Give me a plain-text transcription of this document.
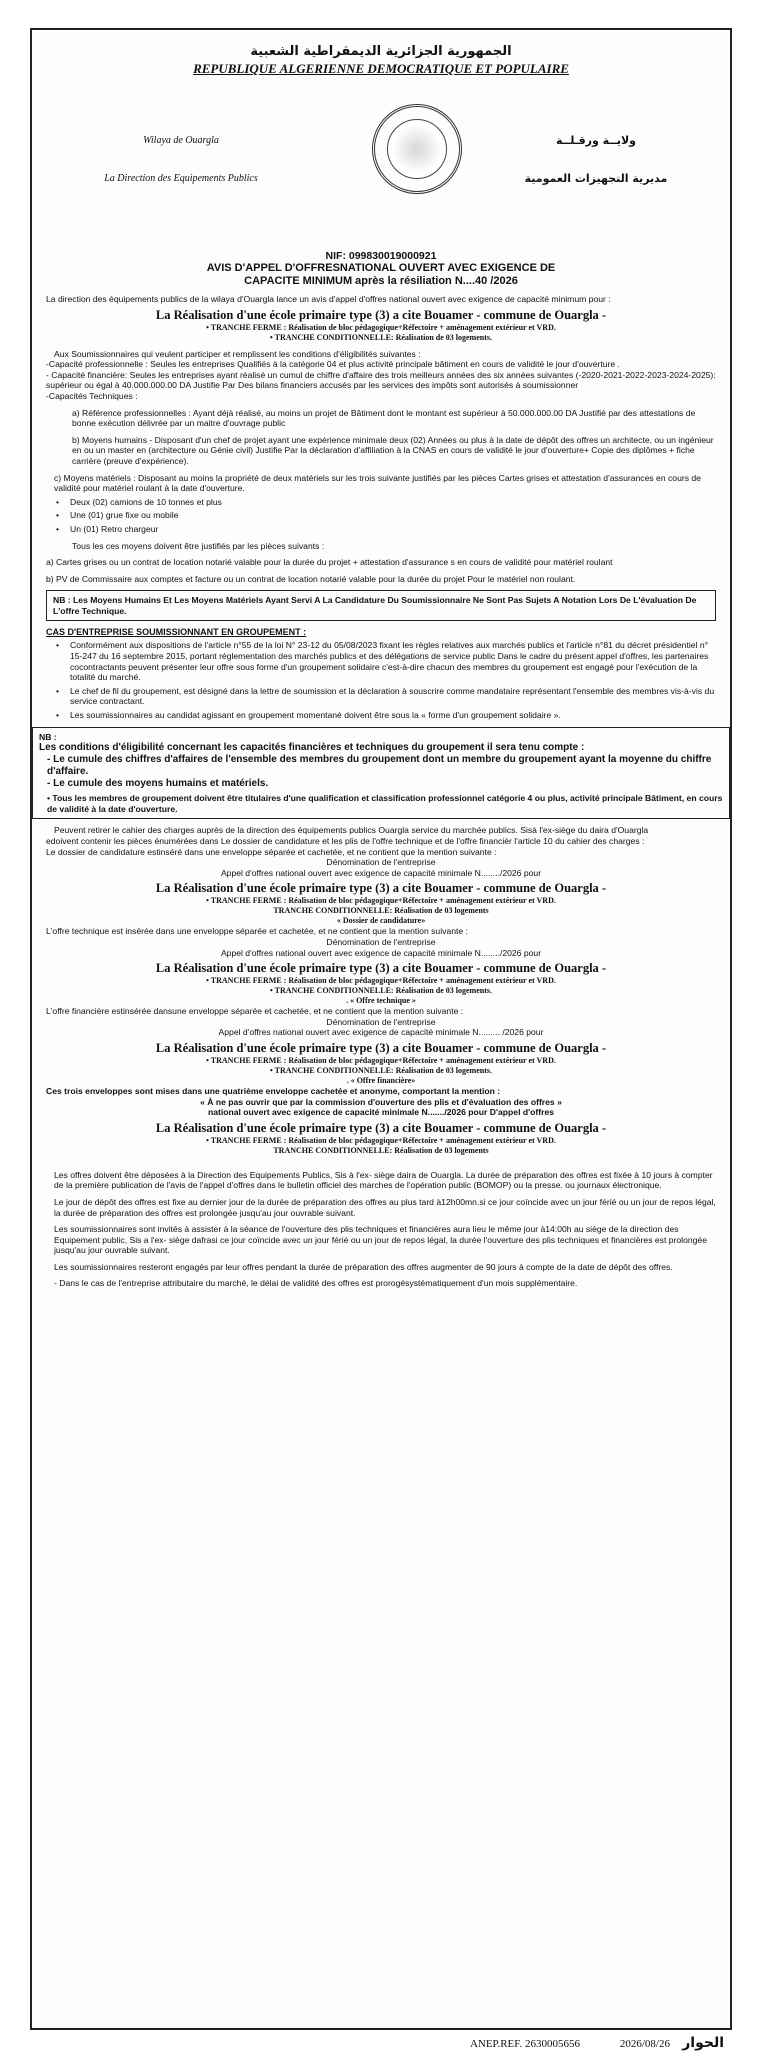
الجمهورية الجزائرية الديمقراطية الشعبية
REPUBLIQUE ALGERIENNE DEMOCRATIQUE ET POPULAIRE
Wilaya de Ouargla
La Direction des Equipements Publics
ولايــة ورقـلــة
مديرية التجهيزات العمومية
NIF: 099830019000921
AVIS D'APPEL D'OFFRESNATIONAL OUVERT AVEC EXIGENCE DE
CAPACITE MINIMUM après la résiliation N....40 /2026

La direction des équipements publics de la wilaya d'Ouargla lance un avis d'appel d'offres national ouvert avec exigence de capacité minimum pour :

La Réalisation d'une école primaire type (3) a cite Bouamer - commune de Ouargla -
• TRANCHE FERME : Réalisation de bloc pédagogique+Réfectoire + aménagement extérieur et VRD.
• TRANCHE CONDITIONNELLE: Réalisation de 03 logements.

Aux Soumissionnaires qui veulent participer et remplissent les conditions d'éligibilités suivantes :

-Capacité professionnelle : Seules les entreprises Qualifiés à la catégorie 04 et plus activité principale bâtiment en cours de validité le jour d'ouverture .

- Capacité financière: Seules les entreprises ayant réalisé un cumul de chiffre d'affaire des trois meilleurs années des six années suivantes (-2020-2021-2022-2023-2024-2025): supérieur ou égal à 40.000.000.00 DA Justifie Par Des bilans financiers accusés par les services des impôts sont autorisés à soumissionner

-Capacités Techniques :

a) Référence professionnelles : Ayant déjà réalisé, au moins un projet de Bâtiment dont le montant est supérieur à 50.000.000.00 DA Justifié par des attestations de bonne exécution délivrée par un maitre d'ouvrage public

b) Moyens humains - Disposant d'un chef de projet ayant une expérience minimale deux (02) Années ou plus à la date de dépôt des offres un architecte, ou un ingénieur en ou un master en (architecture ou Génie civil) Justifie Par la déclaration d'affiliation à la CNAS en cours de validité le jour d'ouverture+ Copie des diplômes + fiche carrière (preuve d'expérience).

c) Moyens matériels : Disposant au moins la propriété de deux matériels sur les trois suivante justifiés par les pièces Cartes grises et attestation d'assurances en cours de validité pour matériel roulant à la date d'ouverture.

• Deux (02) camions de 10 tonnes et plus
• Une (01) grue fixe ou mobile
• Un (01) Retro chargeur

Tous les ces moyens doivent être justifiés par les pièces suivants :

a) Cartes grises ou un contrat de location notarié valable pour la durée du projet + attestation d'assurance s en cours de validité pour matériel roulant

b) PV de Commissaire aux comptes et facture ou un contrat de location notarié valable pour la durée du projet Pour le matériel non roulant.

NB : Les Moyens Humains Et Les Moyens Matériels Ayant Servi A La Candidature Du Soumissionnaire Ne Sont Pas Sujets A Notation Lors De L'évaluation De L'offre Technique.

CAS D'ENTREPRISE SOUMISSIONNANT EN GROUPEMENT :
• Conformément aux dispositions de l'article n°55 de la loi N° 23-12 du 05/08/2023 fixant les règles relatives aux marchés publics et l'article n°81 du décret présidentiel n° 15-247 du 16 septembre 2015, portant réglementation des marchés publics et des délégations de service public Dans le cadre du présent appel d'offres, les partenaires cocontractants peuvent présenter leur offre sous forme d'un groupement solidaire c'est-à-dire chacun des membres du groupement est engagé pour l'exécution de la totalité du marché.
• Le chef de fil du groupement, est désigné dans la lettre de soumission et la déclaration à souscrire comme mandataire représentant l'ensemble des membres vis-à-vis du service contractant.
• Les soumissionnaires au candidat agissant en groupement momentané doivent être sous la « forme d'un groupement solidaire ».

NB :

Les conditions d'éligibilité concernant les capacités financières et techniques du groupement il sera tenu compte :
- Le cumule des chiffres d'affaires de l'ensemble des membres du groupement dont un membre du groupement ayant la moyenne du chiffre d'affaire.
- Le cumule des moyens humains et matériels.

• Tous les membres de groupement doivent être titulaires d'une qualification et classification professionnel catégorie 4 ou plus, activité principale Bâtiment, en cours de validité à la date d'ouverture.

Peuvent retirer le cahier des charges auprès de la direction des équipements publics Ouargla service du marchée publics. Sisà l'ex-siège du daira d'Ouargla

edoivent contenir les pièces énumérées dans Le dossier de candidature et les plis de l'offre technique et de l'offre financièr l'article 10 du cahier des charges :

Le dossier de candidature estinséré dans une enveloppe séparée et cachetée, et ne contient que la mention suivante :

Dénomination de l'entreprise

Appel d'offres national ouvert avec exigence de capacité minimale N......../2026 pour

La Réalisation d'une école primaire type (3) a cite Bouamer - commune de Ouargla -
• TRANCHE FERME : Réalisation de bloc pédagogique+Réfectoire + aménagement extérieur et VRD.
TRANCHE CONDITIONNELLE: Réalisation de 03 logements
« Dossier de candidature»

L'offre technique est insérée dans une enveloppe séparée et cachetée, et ne contient que la mention suivante :

Dénomination de l'entreprise

Appel d'offres national ouvert avec exigence de capacité minimale N......../2026 pour

La Réalisation d'une école primaire type (3) a cite Bouamer - commune de Ouargla -
• TRANCHE FERME : Réalisation de bloc pédagogique+Réfectoire + aménagement extérieur et VRD.
• TRANCHE CONDITIONNELLE: Réalisation de 03 logements.
. « Offre technique »

L'offre financière estinsérée dansune enveloppe séparée et cachetée, et ne contient que la mention suivante :

Dénomination de l'entreprise

Appel d'offres national ouvert avec exigence de capacité minimale N......... /2026 pour

La Réalisation d'une école primaire type (3) a cite Bouamer - commune de Ouargla -
• TRANCHE FERME : Réalisation de bloc pédagogique+Réfectoire + aménagement extérieur et VRD.
• TRANCHE CONDITIONNELLE: Réalisation de 03 logements.
. « Offre financière»

Ces trois enveloppes sont mises dans une quatrième enveloppe cachetée et anonyme, comportant la mention :

« À ne pas ouvrir que par la commission d'ouverture des plis et d'évaluation des offres »

national ouvert avec exigence de capacité minimale N......./2026 pour D'appel d'offres

La Réalisation d'une école primaire type (3) a cite Bouamer - commune de Ouargla -
• TRANCHE FERME : Réalisation de bloc pédagogique+Réfectoire + aménagement extérieur et VRD.
TRANCHE CONDITIONNELLE: Réalisation de 03 logements

Les offres doivent être déposées à la Direction des Equipements Publics, Sis à l'ex- siège daira de Ouargla. La durée de préparation des offres est fixée à 10 jours à compter de la première publication de l'avis de l'appel d'offres dans le bulletin officiel des marches de l'opération public (BOMOP) ou la presse. ou journaux électronique.

Le jour de dépôt des offres est fixe au dernier jour de la durée de préparation des offres au plus tard à12h00mn.si ce jour coïncide avec un jour férié ou un jour de repos légal, la durée de préparation des offres est prolongée jusqu'au jour ouvrable suivant.

Les soumissionnaires sont invités à assister à la séance de l'ouverture des plis techniques et financières aura lieu le même jour à14:00h au siège de la direction des Equipement public, Sis a l'ex- siège dafrasi ce jour coïncide avec un jour férié ou un jour de repos légal, la durée l'ouverture des plis techniques et financières est prolongée jusqu'au jour ouvrable suivant.

Les soumissionnaires resteront engagés par leur offres pendant la durée de préparation des offres augmenter de 90 jours à compte de la date de dépôt des offres.

- Dans le cas de l'entreprise attributaire du marché, le délai de validité des offres est prorogésystématiquement d'un mois supplémentaire.

ANEP.REF. 2630005656	2026/08/26 الحوار
